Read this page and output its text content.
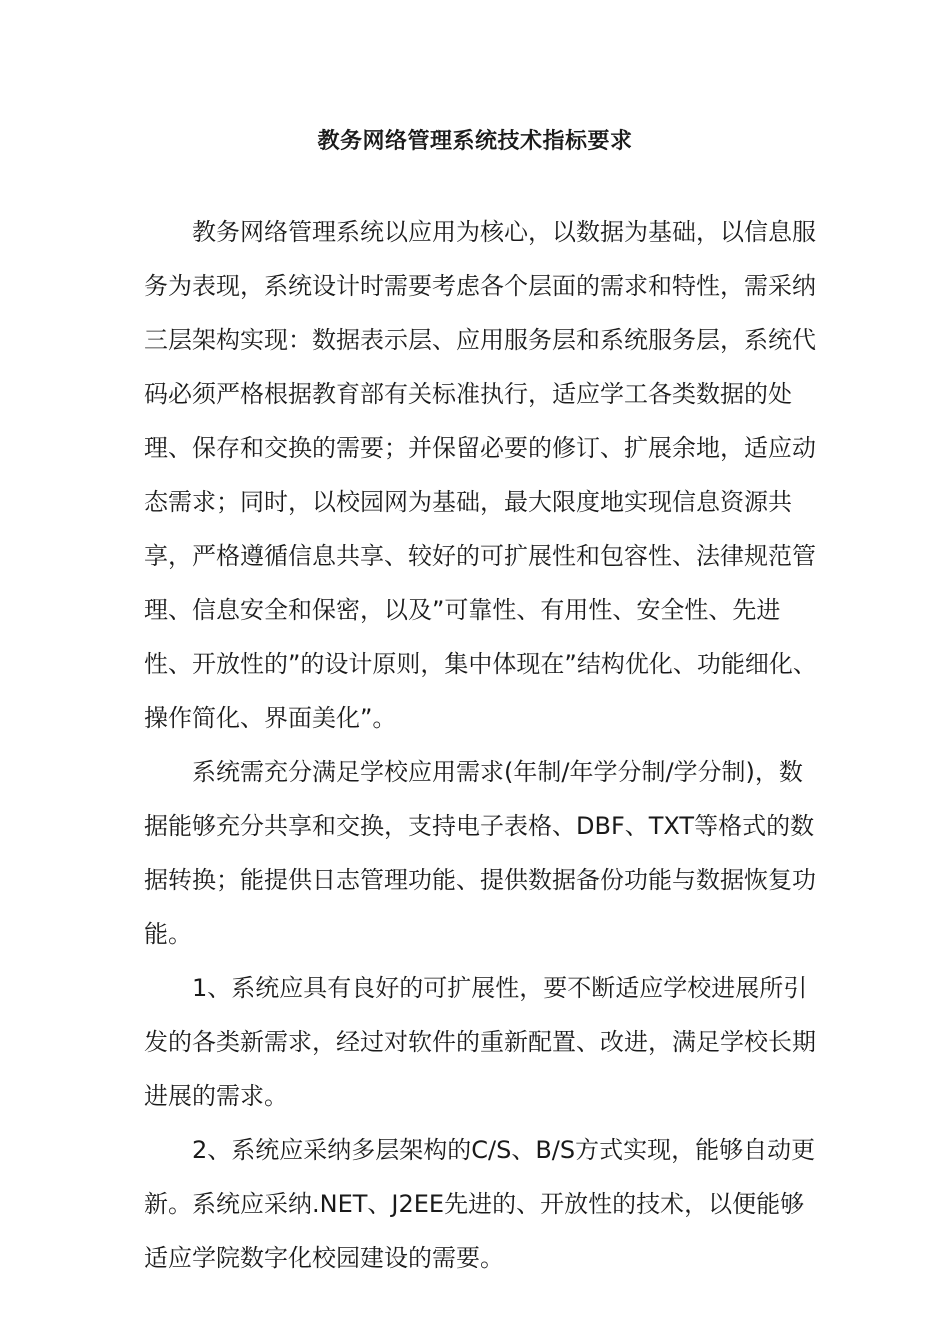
教务网络管理系统技术指标要求

教务网络管理系统以应用为核心，以数据为基础，以信息服务为表现，系统设计时需要考虑各个层面的需求和特性，需采纳三层架构实现：数据表示层、应用服务层和系统服务层，系统代码必须严格根据教育部有关标准执行，适应学工各类数据的处理、保存和交换的需要；并保留必要的修订、扩展余地，适应动态需求；同时，以校园网为基础，最大限度地实现信息资源共享，严格遵循信息共享、较好的可扩展性和包容性、法律规范管理、信息安全和保密，以及”可靠性、有用性、安全性、先进性、开放性的”的设计原则，集中体现在”结构优化、功能细化、操作简化、界面美化”。

系统需充分满足学校应用需求(年制/年学分制/学分制)，数据能够充分共享和交换，支持电子表格、DBF、TXT等格式的数据转换；能提供日志管理功能、提供数据备份功能与数据恢复功能。

1、系统应具有良好的可扩展性，要不断适应学校进展所引发的各类新需求，经过对软件的重新配置、改进，满足学校长期进展的需求。

2、系统应采纳多层架构的C/S、B/S方式实现，能够自动更新。系统应采纳.NET、J2EE先进的、开放性的技术，以便能够适应学院数字化校园建设的需要。
